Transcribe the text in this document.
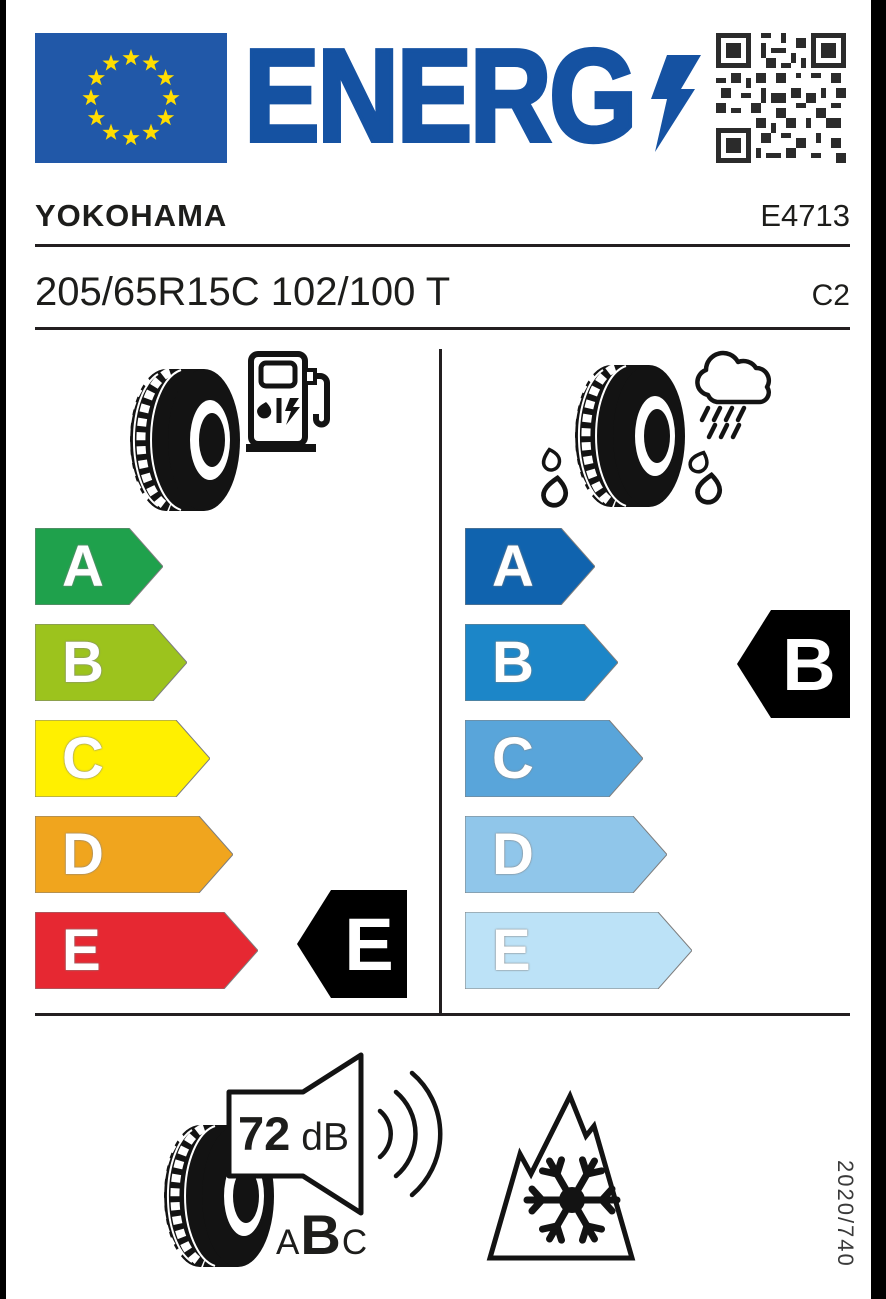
ENERG
YOKOHAMA	E4713
205/65R15C 102/100 T	C2
A
B
C
D
E	E
A
B
C
D
E
B
72 dB
A B C	2020/740
